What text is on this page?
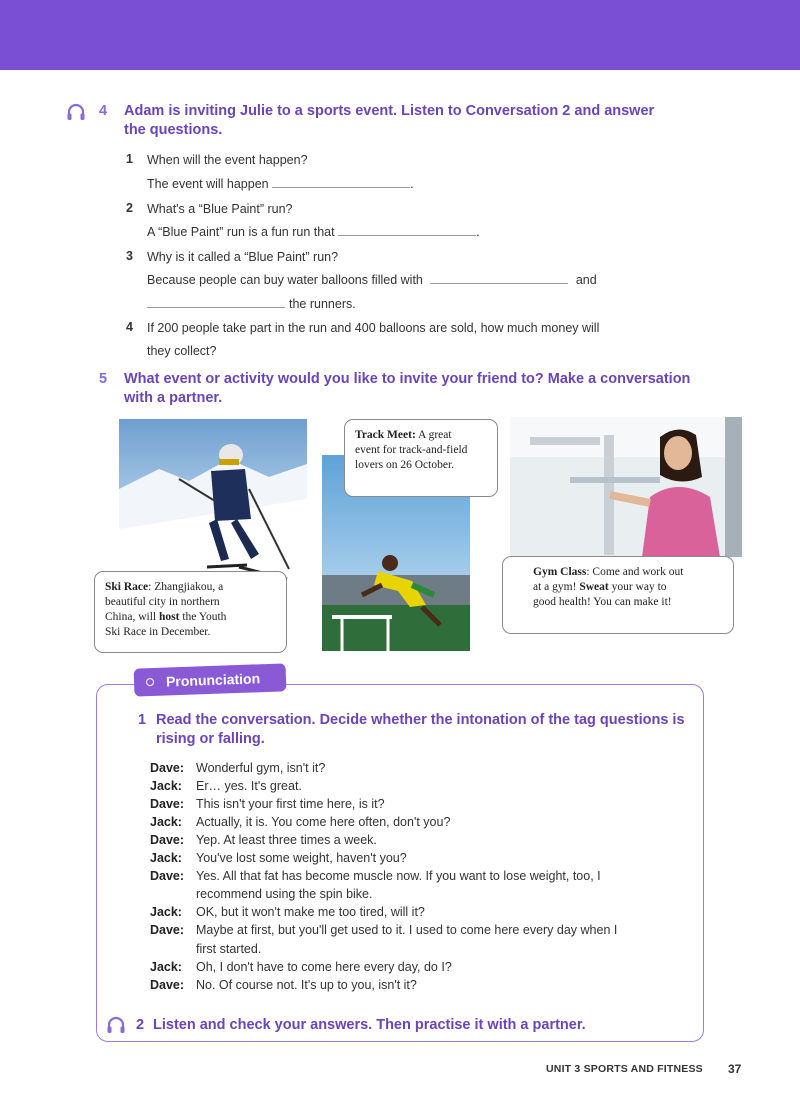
4 Adam is inviting Julie to a sports event. Listen to Conversation 2 and answer
the questions.
1 When will the event happen?
The event will happen	.
2 What's a “Blue Paint” run?
A “Blue Paint” run is a fun run that	.
3 Why is it called a “Blue Paint” run?
Because people can buy water balloons filled with	and
the runners.
4 If 200 people take part in the run and 400 balloons are sold, how much money will
they collect?
5 What event or activity would you like to invite your friend to? Make a conversation
with a partner.
Ski Race: Zhangjiakou, a
beautiful city in northern
China, will host the Youth
Ski Race in December.
Track Meet: A great
event for track-and-field
lovers on 26 October.
Gym Class: Come and work out
at a gym! Sweat your way to
good health! You can make it!
Pronunciation
1 Read the conversation. Decide whether the intonation of the tag questions is
rising or falling.
Dave: Wonderful gym, isn't it?
Jack: Er… yes. It's great.
Dave: This isn't your first time here, is it?
Jack: Actually, it is. You come here often, don't you?
Dave: Yep. At least three times a week.
Jack: You've lost some weight, haven't you?
Dave: Yes. All that fat has become muscle now. If you want to lose weight, too, I
recommend using the spin bike.
Jack: OK, but it won't make me too tired, will it?
Dave: Maybe at first, but you'll get used to it. I used to come here every day when I
first started.
Jack: Oh, I don't have to come here every day, do I?
Dave: No. Of course not. It's up to you, isn't it?
2 Listen and check your answers. Then practise it with a partner.
UNIT 3 SPORTS AND FITNESS 37
